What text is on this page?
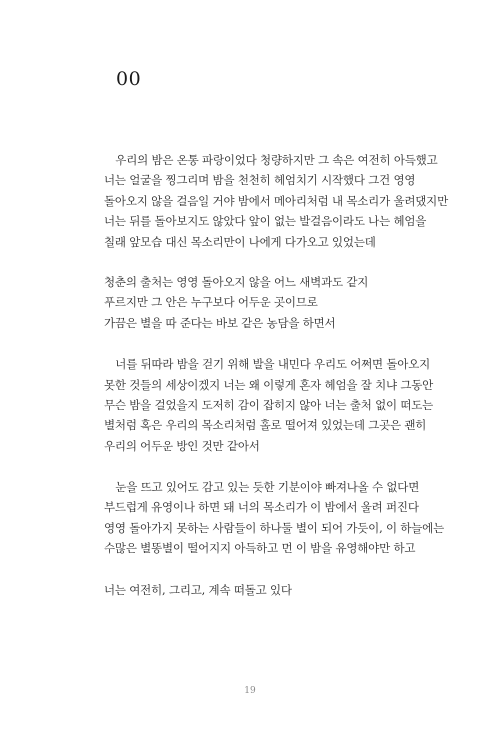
00

　우리의 밤은 온통 파랑이었다 청량하지만 그 속은 여전히 아득했고
너는 얼굴을 찡그리며 밤을 천천히 헤엄치기 시작했다 그건 영영
돌아오지 않을 걸음일 거야 밤에서 메아리처럼 내 목소리가 울려댔지만
너는 뒤를 돌아보지도 않았다 앞이 없는 발걸음이라도 나는 헤엄을
칠래 앞모습 대신 목소리만이 나에게 다가오고 있었는데

청춘의 출처는 영영 돌아오지 않을 어느 새벽과도 같지
푸르지만 그 안은 누구보다 어두운 곳이므로
가끔은 별을 따 준다는 바보 같은 농담을 하면서

　너를 뒤따라 밤을 걷기 위해 발을 내민다 우리도 어쩌면 돌아오지
못한 것들의 세상이겠지 너는 왜 이렇게 혼자 헤엄을 잘 치냐 그동안
무슨 밤을 걸었을지 도저히 감이 잡히지 않아 너는 출처 없이 떠도는
별처럼 혹은 우리의 목소리처럼 홀로 떨어져 있었는데 그곳은 괜히
우리의 어두운 방인 것만 같아서

　눈을 뜨고 있어도 감고 있는 듯한 기분이야 빠져나올 수 없다면
부드럽게 유영이나 하면 돼 너의 목소리가 이 밤에서 울려 퍼진다
영영 돌아가지 못하는 사람들이 하나둘 별이 되어 가듯이, 이 하늘에는
수많은 별똥별이 떨어지지 아득하고 먼 이 밤을 유영해야만 하고

너는 여전히, 그리고, 계속 떠돌고 있다

19
